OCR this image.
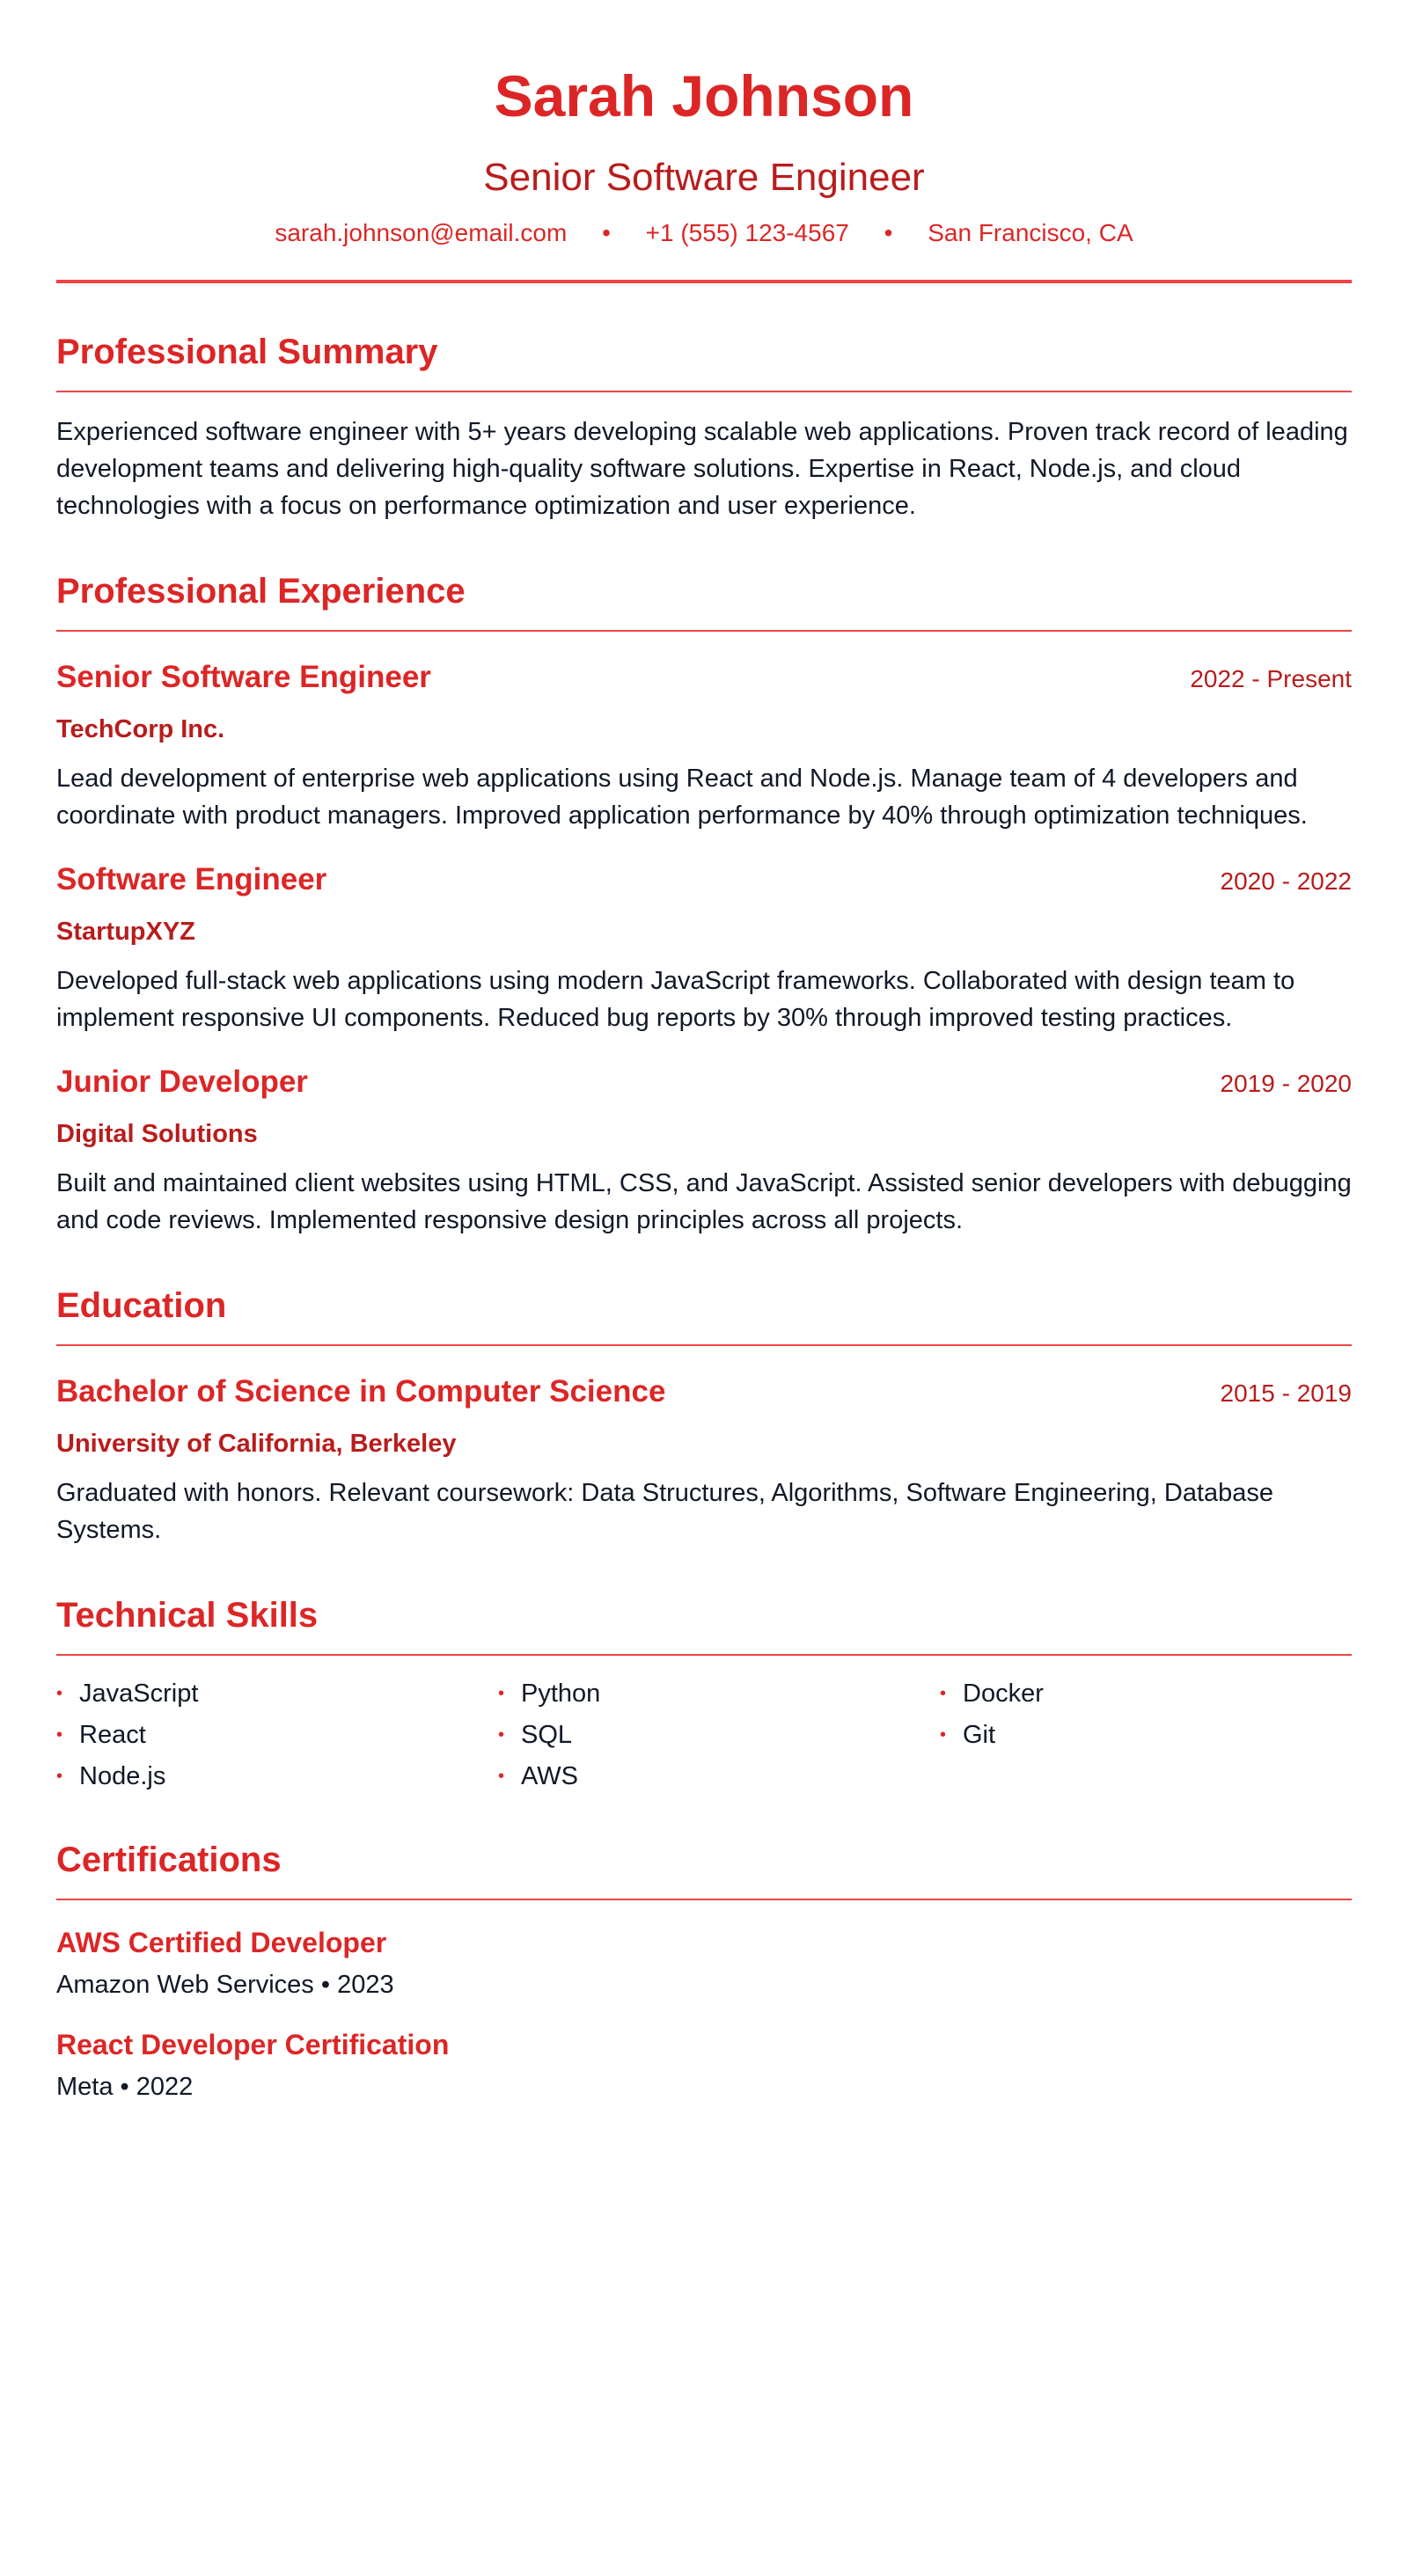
Sarah Johnson
Senior Software Engineer
sarah.johnson@email.com • +1 (555) 123-4567 • San Francisco, CA
Professional Summary
Experienced software engineer with 5+ years developing scalable web applications. Proven track record of leading development teams and delivering high-quality software solutions. Expertise in React, Node.js, and cloud technologies with a focus on performance optimization and user experience.
Professional Experience
Senior Software Engineer	2022 - Present
TechCorp Inc.
Lead development of enterprise web applications using React and Node.js. Manage team of 4 developers and coordinate with product managers. Improved application performance by 40% through optimization techniques.
Software Engineer	2020 - 2022
StartupXYZ
Developed full-stack web applications using modern JavaScript frameworks. Collaborated with design team to implement responsive UI components. Reduced bug reports by 30% through improved testing practices.
Junior Developer	2019 - 2020
Digital Solutions
Built and maintained client websites using HTML, CSS, and JavaScript. Assisted senior developers with debugging and code reviews. Implemented responsive design principles across all projects.
Education
Bachelor of Science in Computer Science	2015 - 2019
University of California, Berkeley
Graduated with honors. Relevant coursework: Data Structures, Algorithms, Software Engineering, Database Systems.
Technical Skills
• JavaScript	• Python	• Docker
• React	• SQL	• Git
• Node.js	• AWS
Certifications
AWS Certified Developer
Amazon Web Services • 2023
React Developer Certification
Meta • 2022
